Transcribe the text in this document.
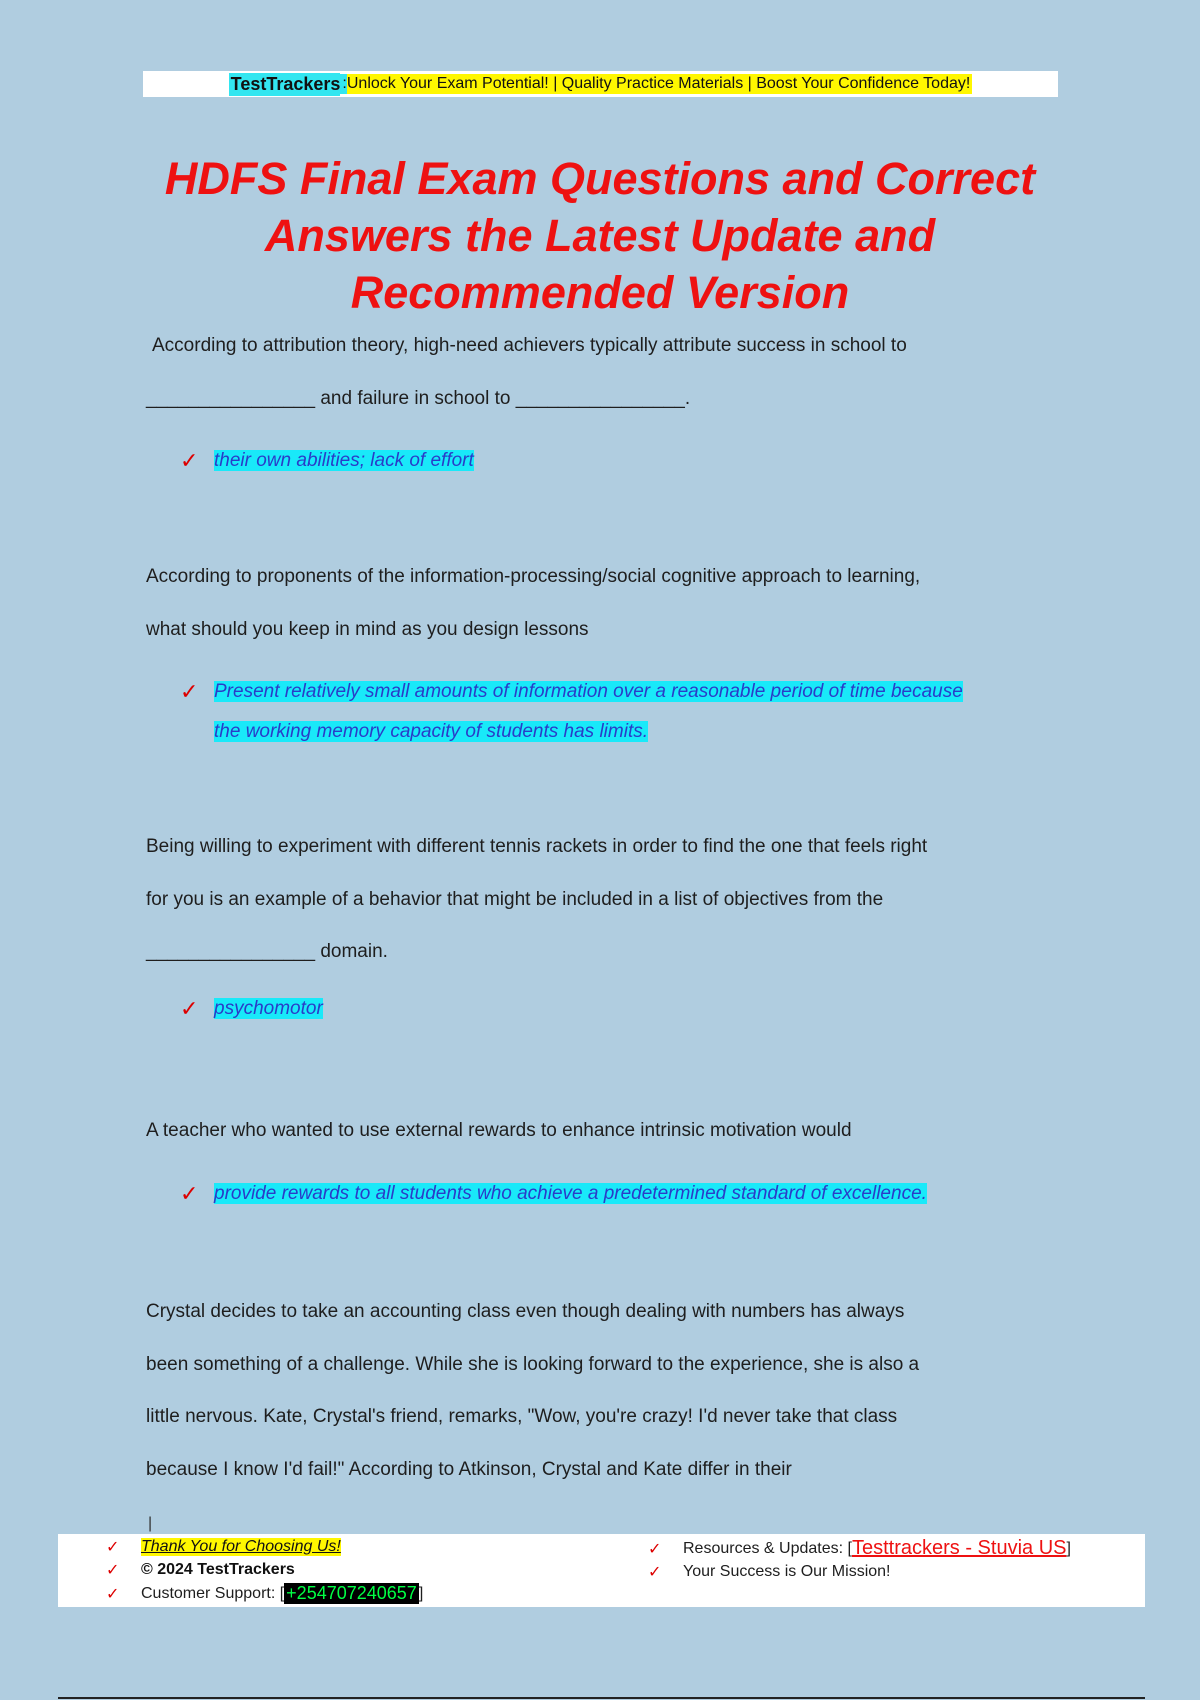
TestTrackers : Unlock Your Exam Potential! | Quality Practice Materials | Boost Your Confidence Today!
HDFS Final Exam Questions and Correct
Answers the Latest Update and
Recommended Version

According to attribution theory, high-need achievers typically attribute success in school to

________________ and failure in school to ________________.

✓ their own abilities; lack of effort

According to proponents of the information-processing/social cognitive approach to learning,

what should you keep in mind as you design lessons

✓ Present relatively small amounts of information over a reasonable period of time because
the working memory capacity of students has limits.

Being willing to experiment with different tennis rackets in order to find the one that feels right

for you is an example of a behavior that might be included in a list of objectives from the

________________ domain.

✓ psychomotor

A teacher who wanted to use external rewards to enhance intrinsic motivation would

✓ provide rewards to all students who achieve a predetermined standard of excellence.

Crystal decides to take an accounting class even though dealing with numbers has always

been something of a challenge. While she is looking forward to the experience, she is also a

little nervous. Kate, Crystal's friend, remarks, "Wow, you're crazy! I'd never take that class

because I know I'd fail!" According to Atkinson, Crystal and Kate differ in their

|
✓	Thank You for Choosing Us!
✓	© 2024 TestTrackers
✓	Customer Support: [ +254707240657 ]
✓	Resources & Updates: [ Testtrackers - Stuvia US ]
✓	Your Success is Our Mission!
